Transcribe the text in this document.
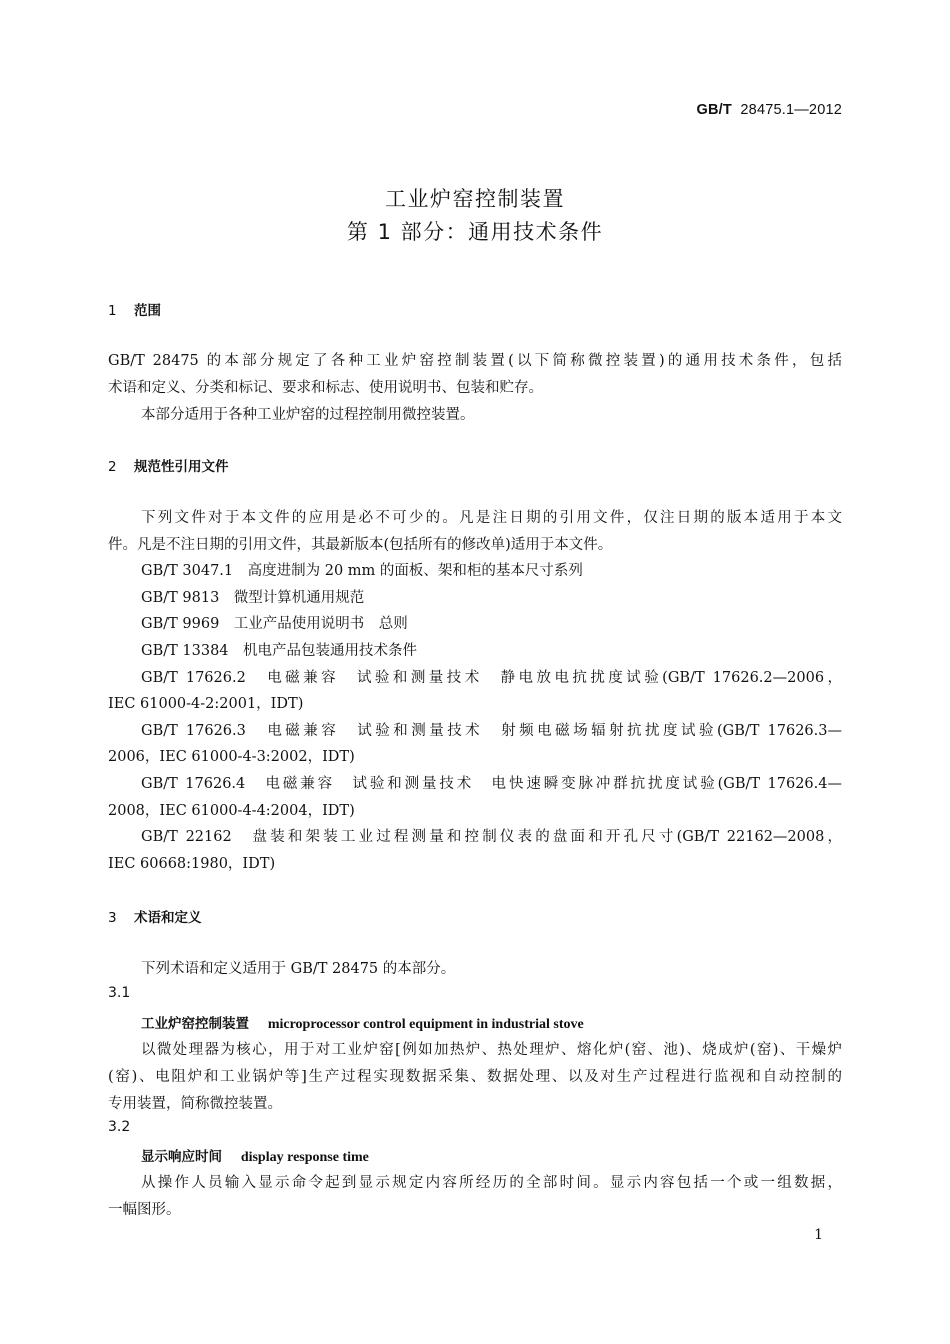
GB/T 28475.1—2012
工业炉窑控制装置
第 1 部分：通用技术条件
1 范围
GB/T 28475 的本部分规定了各种工业炉窑控制装置(以下简称微控装置)的通用技术条件，包括
术语和定义、分类和标记、要求和标志、使用说明书、包装和贮存。
本部分适用于各种工业炉窑的过程控制用微控装置。
2 规范性引用文件
下列文件对于本文件的应用是必不可少的。凡是注日期的引用文件，仅注日期的版本适用于本文
件。凡是不注日期的引用文件，其最新版本(包括所有的修改单)适用于本文件。
GB/T 3047.1　高度进制为 20 mm 的面板、架和柜的基本尺寸系列
GB/T 9813　微型计算机通用规范
GB/T 9969　工业产品使用说明书　总则
GB/T 13384　机电产品包装通用技术条件
GB/T 17626.2　电磁兼容　试验和测量技术　静电放电抗扰度试验(GB/T 17626.2—2006，
IEC 61000-4-2:2001，IDT)
GB/T 17626.3　电磁兼容　试验和测量技术　射频电磁场辐射抗扰度试验(GB/T 17626.3—
2006，IEC 61000-4-3:2002，IDT)
GB/T 17626.4　电磁兼容　试验和测量技术　电快速瞬变脉冲群抗扰度试验(GB/T 17626.4—
2008，IEC 61000-4-4:2004，IDT)
GB/T 22162　盘装和架装工业过程测量和控制仪表的盘面和开孔尺寸(GB/T 22162—2008，
IEC 60668:1980，IDT)
3 术语和定义
下列术语和定义适用于 GB/T 28475 的本部分。
3.1
工业炉窑控制装置 microprocessor control equipment in industrial stove
以微处理器为核心，用于对工业炉窑[例如加热炉、热处理炉、熔化炉(窑、池)、烧成炉(窑)、干燥炉
(窑)、电阻炉和工业锅炉等]生产过程实现数据采集、数据处理、以及对生产过程进行监视和自动控制的
专用装置，简称微控装置。
3.2
显示响应时间 display response time
从操作人员输入显示命令起到显示规定内容所经历的全部时间。显示内容包括一个或一组数据，
一幅图形。
1
